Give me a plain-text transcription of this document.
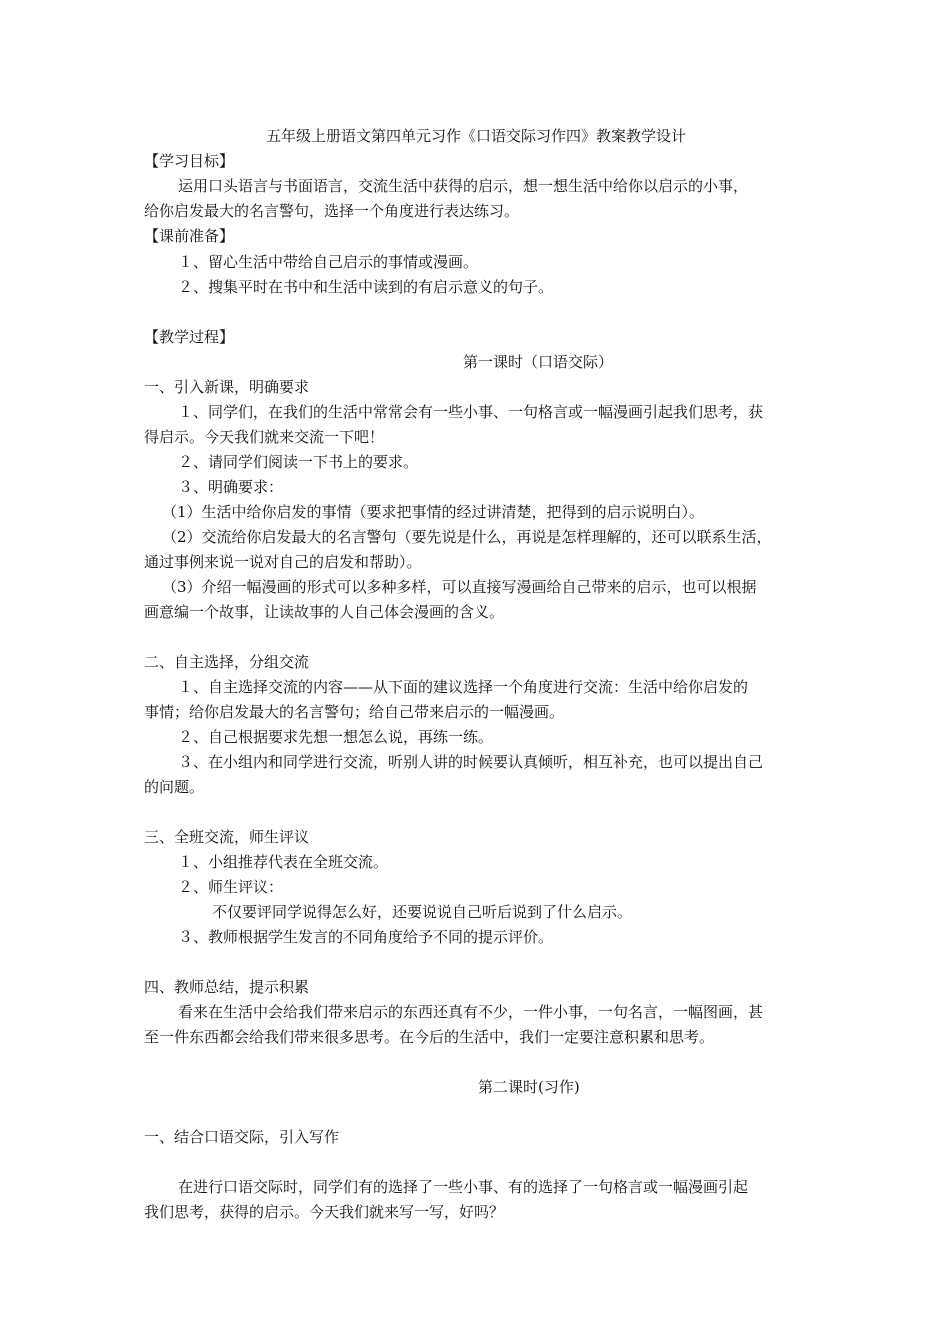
五年级上册语文第四单元习作《口语交际习作四》教案教学设计
【学习目标】
运用口头语言与书面语言，交流生活中获得的启示，想一想生活中给你以启示的小事，
给你启发最大的名言警句，选择一个角度进行表达练习。
【课前准备】
１、留心生活中带给自己启示的事情或漫画。
２、搜集平时在书中和生活中读到的有启示意义的句子。
【教学过程】
第一课时（口语交际）
一、引入新课，明确要求
１、同学们，在我们的生活中常常会有一些小事、一句格言或一幅漫画引起我们思考，获
得启示。今天我们就来交流一下吧！
２、请同学们阅读一下书上的要求。
３、明确要求：
（1）生活中给你启发的事情（要求把事情的经过讲清楚，把得到的启示说明白）。
（2）交流给你启发最大的名言警句（要先说是什么，再说是怎样理解的，还可以联系生活，
通过事例来说一说对自己的启发和帮助）。
（3）介绍一幅漫画的形式可以多种多样，可以直接写漫画给自己带来的启示，也可以根据
画意编一个故事，让读故事的人自己体会漫画的含义。
二、自主选择，分组交流
１、自主选择交流的内容——从下面的建议选择一个角度进行交流：生活中给你启发的
事情；给你启发最大的名言警句；给自己带来启示的一幅漫画。
２、自己根据要求先想一想怎么说，再练一练。
３、在小组内和同学进行交流，听别人讲的时候要认真倾听，相互补充，也可以提出自己
的问题。
三、全班交流，师生评议
１、小组推荐代表在全班交流。
２、师生评议：
不仅要评同学说得怎么好，还要说说自己听后说到了什么启示。
３、教师根据学生发言的不同角度给予不同的提示评价。
四、教师总结，提示积累
看来在生活中会给我们带来启示的东西还真有不少，一件小事，一句名言，一幅图画，甚
至一件东西都会给我们带来很多思考。在今后的生活中，我们一定要注意积累和思考。
第二课时(习作)
一、结合口语交际，引入写作
在进行口语交际时，同学们有的选择了一些小事、有的选择了一句格言或一幅漫画引起
我们思考，获得的启示。今天我们就来写一写，好吗？
